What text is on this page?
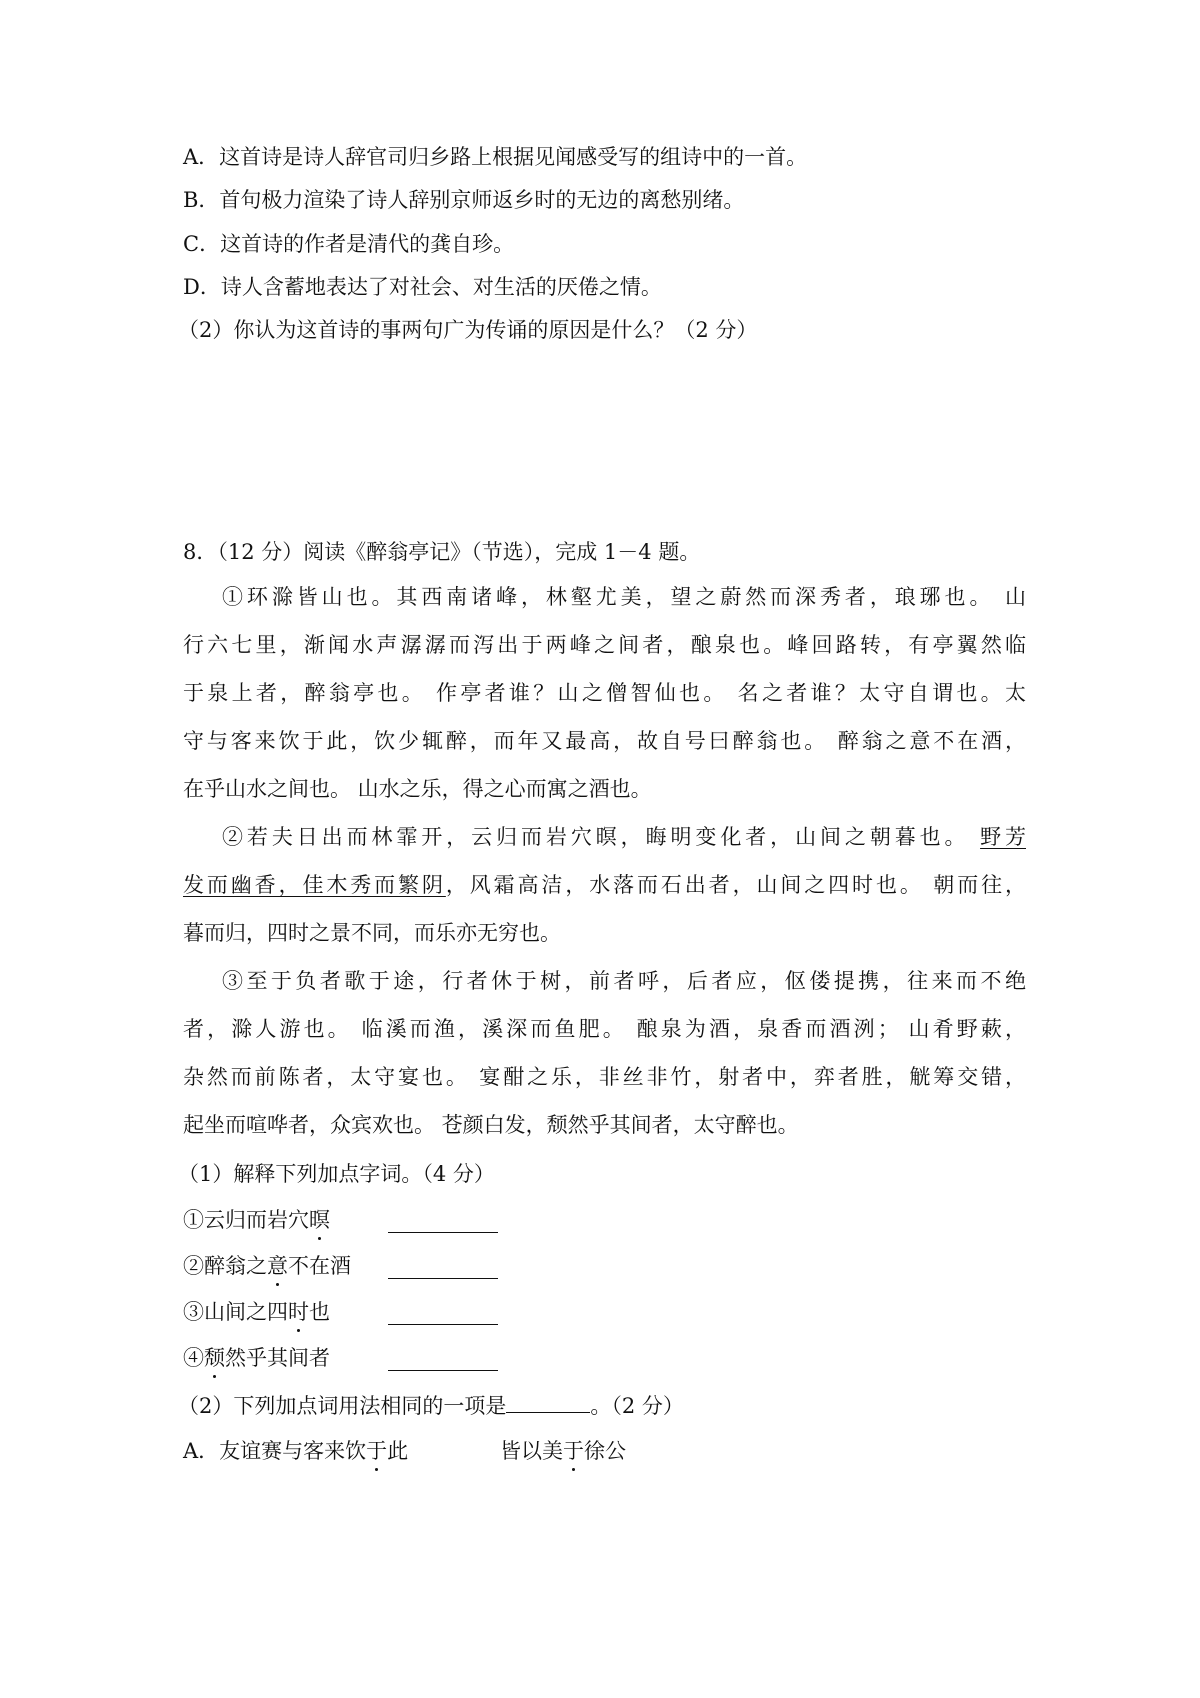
A．这首诗是诗人辞官司归乡路上根据见闻感受写的组诗中的一首。
B．首句极力渲染了诗人辞别京师返乡时的无边的离愁别绪。
C．这首诗的作者是清代的龚自珍。
D．诗人含蓄地表达了对社会、对生活的厌倦之情。
（2）你认为这首诗的事两句广为传诵的原因是什么？（2 分）
8．（12 分）阅读《醉翁亭记》（节选），完成 1－4 题。
①环滁皆山也。其西南诸峰，林壑尤美，望之蔚然而深秀者，琅琊也。 山
行六七里，渐闻水声潺潺而泻出于两峰之间者，酿泉也。峰回路转，有亭翼然临
于泉上者，醉翁亭也。 作亭者谁？山之僧智仙也。 名之者谁？太守自谓也。太
守与客来饮于此，饮少辄醉，而年又最高，故自号曰醉翁也。 醉翁之意不在酒，
在乎山水之间也。 山水之乐，得之心而寓之酒也。
②若夫日出而林霏开，云归而岩穴暝，晦明变化者，山间之朝暮也。 野芳
发而幽香，佳木秀而繁阴，风霜高洁，水落而石出者，山间之四时也。 朝而往，
暮而归，四时之景不同，而乐亦无穷也。
③至于负者歌于途，行者休于树，前者呼，后者应，伛偻提携，往来而不绝
者，滁人游也。 临溪而渔，溪深而鱼肥。 酿泉为酒，泉香而酒洌； 山肴野蔌，
杂然而前陈者，太守宴也。 宴酣之乐，非丝非竹，射者中，弈者胜，觥筹交错，
起坐而喧哗者，众宾欢也。 苍颜白发，颓然乎其间者，太守醉也。
（1）解释下列加点字词。（4 分）
①云归而岩穴暝
②醉翁之意不在酒
③山间之四时也
④颓然乎其间者
（2）下列加点词用法相同的一项是	。（2 分）
A．友谊赛与客来饮于此	皆以美于徐公
